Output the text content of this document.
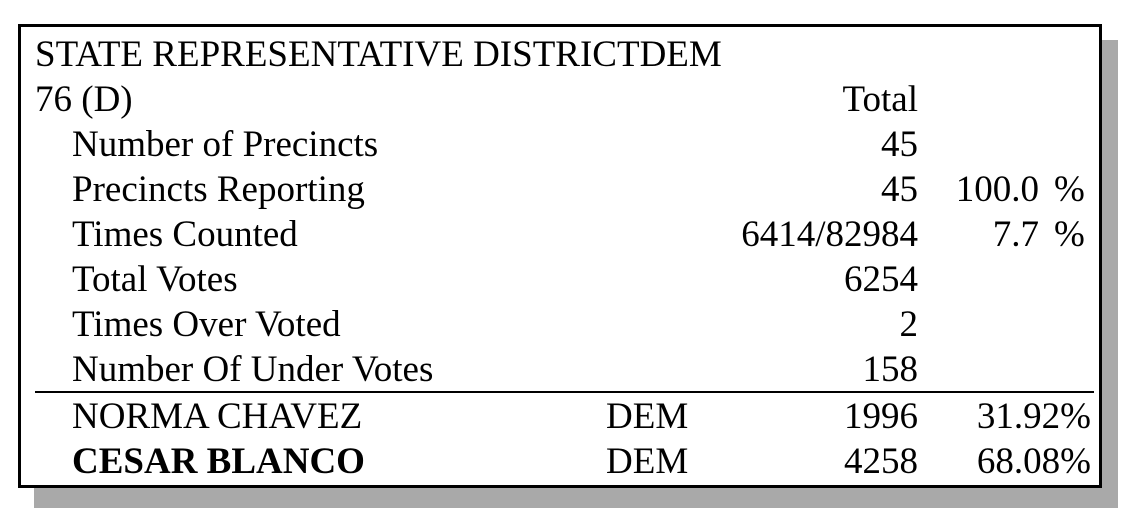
STATE REPRESENTATIVE DISTRICTDEM
76 (D)	Total
Number of Precincts	45
Precincts Reporting	45	100.0 %
Times Counted	6414/82984	7.7 %
Total Votes	6254
Times Over Voted	2
Number Of Under Votes	158
NORMA CHAVEZ	DEM	1996	31.92%
CESAR BLANCO	DEM	4258	68.08%
